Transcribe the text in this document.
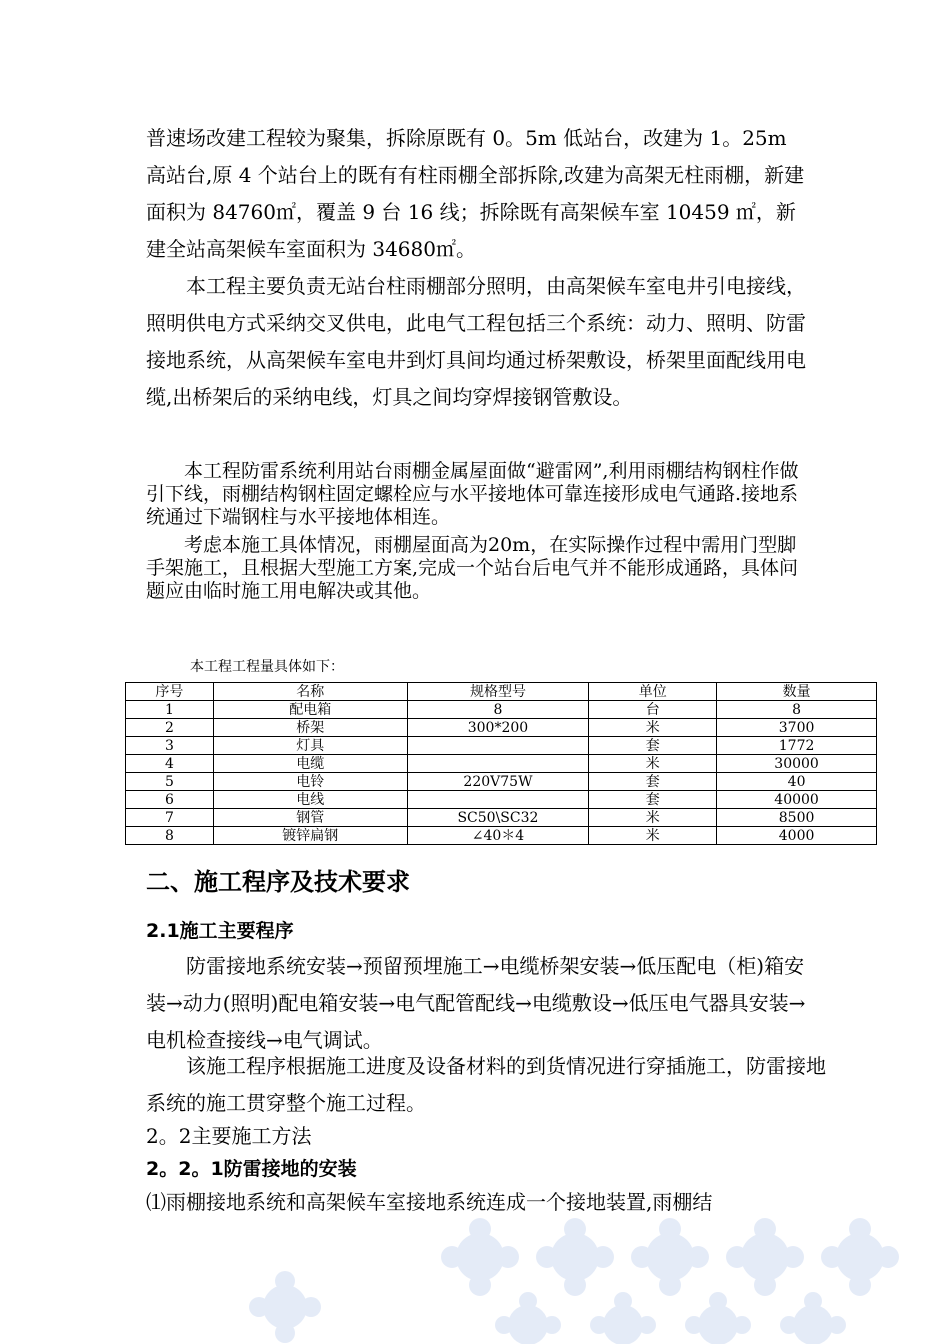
普速场改建工程较为聚集，拆除原既有 0。5m 低站台，改建为 1。25m 高站台,原 4 个站台上的既有有柱雨棚全部拆除,改建为高架无柱雨棚，新建面积为 84760㎡，覆盖 9 台 16 线；拆除既有高架候车室 10459 ㎡，新建全站高架候车室面积为 34680㎡。

本工程主要负责无站台柱雨棚部分照明，由高架候车室电井引电接线，照明供电方式采纳交叉供电，此电气工程包括三个系统：动力、照明、防雷接地系统，从高架候车室电井到灯具间均通过桥架敷设，桥架里面配线用电缆,出桥架后的采纳电线，灯具之间均穿焊接钢管敷设。

本工程防雷系统利用站台雨棚金属屋面做“避雷网”,利用雨棚结构钢柱作做引下线，雨棚结构钢柱固定螺栓应与水平接地体可靠连接形成电气通路.接地系统通过下端钢柱与水平接地体相连。

考虑本施工具体情况，雨棚屋面高为20m，在实际操作过程中需用门型脚手架施工，且根据大型施工方案,完成一个站台后电气并不能形成通路，具体问题应由临时施工用电解决或其他。

本工程工程量具体如下：
序号	名称	规格型号	单位	数量
1	配电箱	8	台	8
2	桥架	300*200	米	3700
3	灯具		套	1772
4	电缆		米	30000
5	电铃	220V75W	套	40
6	电线		套	40000
7	钢管	SC50\SC32	米	8500
8	镀锌扁钢	∠40＊4	米	4000
二、施工程序及技术要求
2.1施工主要程序

防雷接地系统安装→预留预埋施工→电缆桥架安装→低压配电（柜)箱安装→动力(照明)配电箱安装→电气配管配线→电缆敷设→低压电气器具安装→电机检查接线→电气调试。

该施工程序根据施工进度及设备材料的到货情况进行穿插施工，防雷接地系统的施工贯穿整个施工过程。

2。2主要施工方法

2。2。1防雷接地的安装

⑴雨棚接地系统和高架候车室接地系统连成一个接地装置,雨棚结
